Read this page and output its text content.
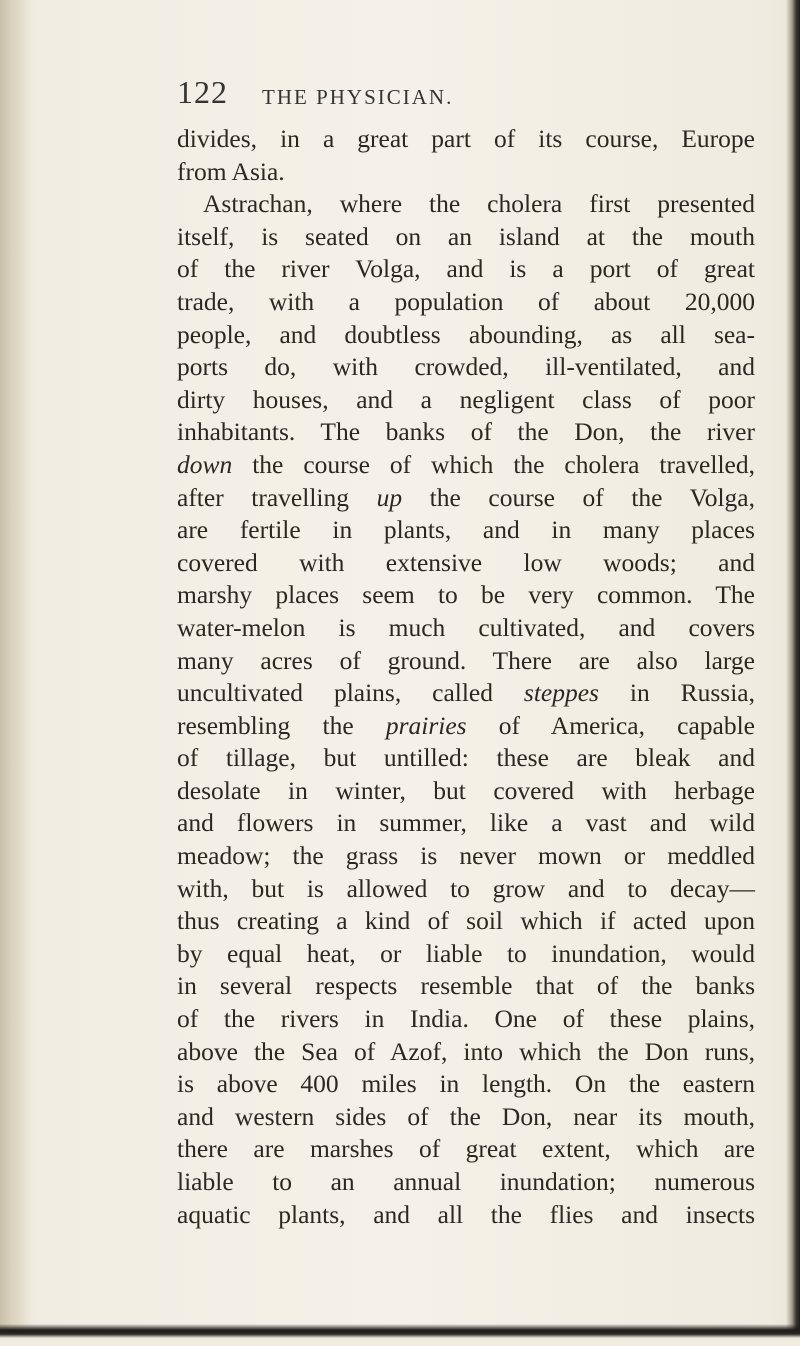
122 THE PHYSICIAN.
divides, in a great part of its course, Europe
from Asia.
Astrachan, where the cholera first presented
itself, is seated on an island at the mouth
of the river Volga, and is a port of great
trade, with a population of about 20,000
people, and doubtless abounding, as all sea-
ports do, with crowded, ill-ventilated, and
dirty houses, and a negligent class of poor
inhabitants. The banks of the Don, the river
down the course of which the cholera travelled,
after travelling up the course of the Volga,
are fertile in plants, and in many places
covered with extensive low woods; and
marshy places seem to be very common. The
water-melon is much cultivated, and covers
many acres of ground. There are also large
uncultivated plains, called steppes in Russia,
resembling the prairies of America, capable
of tillage, but untilled: these are bleak and
desolate in winter, but covered with herbage
and flowers in summer, like a vast and wild
meadow; the grass is never mown or meddled
with, but is allowed to grow and to decay—
thus creating a kind of soil which if acted upon
by equal heat, or liable to inundation, would
in several respects resemble that of the banks
of the rivers in India. One of these plains,
above the Sea of Azof, into which the Don runs,
is above 400 miles in length. On the eastern
and western sides of the Don, near its mouth,
there are marshes of great extent, which are
liable to an annual inundation; numerous
aquatic plants, and all the flies and insects
